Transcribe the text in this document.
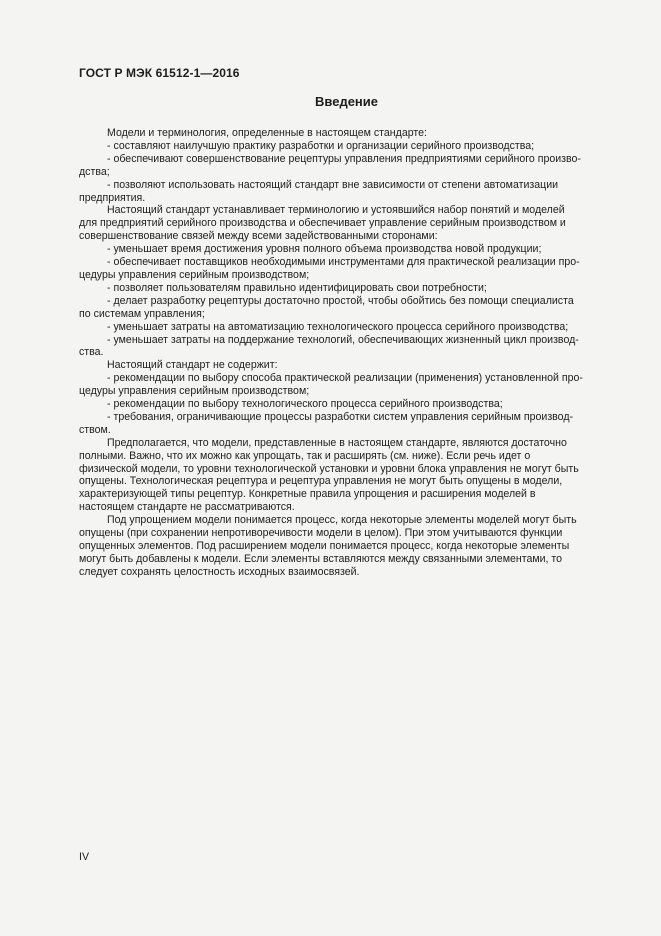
ГОСТ Р МЭК 61512-1—2016
Введение

Модели и терминология, определенные в настоящем стандарте:

- составляют наилучшую практику разработки и организации серийного производства;

- обеспечивают совершенствование рецептуры управления предприятиями серийного производства;

- позволяют использовать настоящий стандарт вне зависимости от степени автоматизации предприятия.

Настоящий стандарт устанавливает терминологию и устоявшийся набор понятий и моделей для предприятий серийного производства и обеспечивает управление серийным производством и совершенствование связей между всеми задействованными сторонами:

- уменьшает время достижения уровня полного объема производства новой продукции;

- обеспечивает поставщиков необходимыми инструментами для практической реализации процедуры управления серийным производством;

- позволяет пользователям правильно идентифицировать свои потребности;

- делает разработку рецептуры достаточно простой, чтобы обойтись без помощи специалиста по системам управления;

- уменьшает затраты на автоматизацию технологического процесса серийного производства;

- уменьшает затраты на поддержание технологий, обеспечивающих жизненный цикл производства.

Настоящий стандарт не содержит:

- рекомендации по выбору способа практической реализации (применения) установленной процедуры управления серийным производством;

- рекомендации по выбору технологического процесса серийного производства;

- требования, ограничивающие процессы разработки систем управления серийным производством.

Предполагается, что модели, представленные в настоящем стандарте, являются достаточно полными. Важно, что их можно как упрощать, так и расширять (см. ниже). Если речь идет о физической модели, то уровни технологической установки и уровни блока управления не могут быть опущены. Технологическая рецептура и рецептура управления не могут быть опущены в модели, характеризующей типы рецептур. Конкретные правила упрощения и расширения моделей в настоящем стандарте не рассматриваются.

Под упрощением модели понимается процесс, когда некоторые элементы моделей могут быть опущены (при сохранении непротиворечивости модели в целом). При этом учитываются функции опущенных элементов. Под расширением модели понимается процесс, когда некоторые элементы могут быть добавлены к модели. Если элементы вставляются между связанными элементами, то следует сохранять целостность исходных взаимосвязей.

IV
